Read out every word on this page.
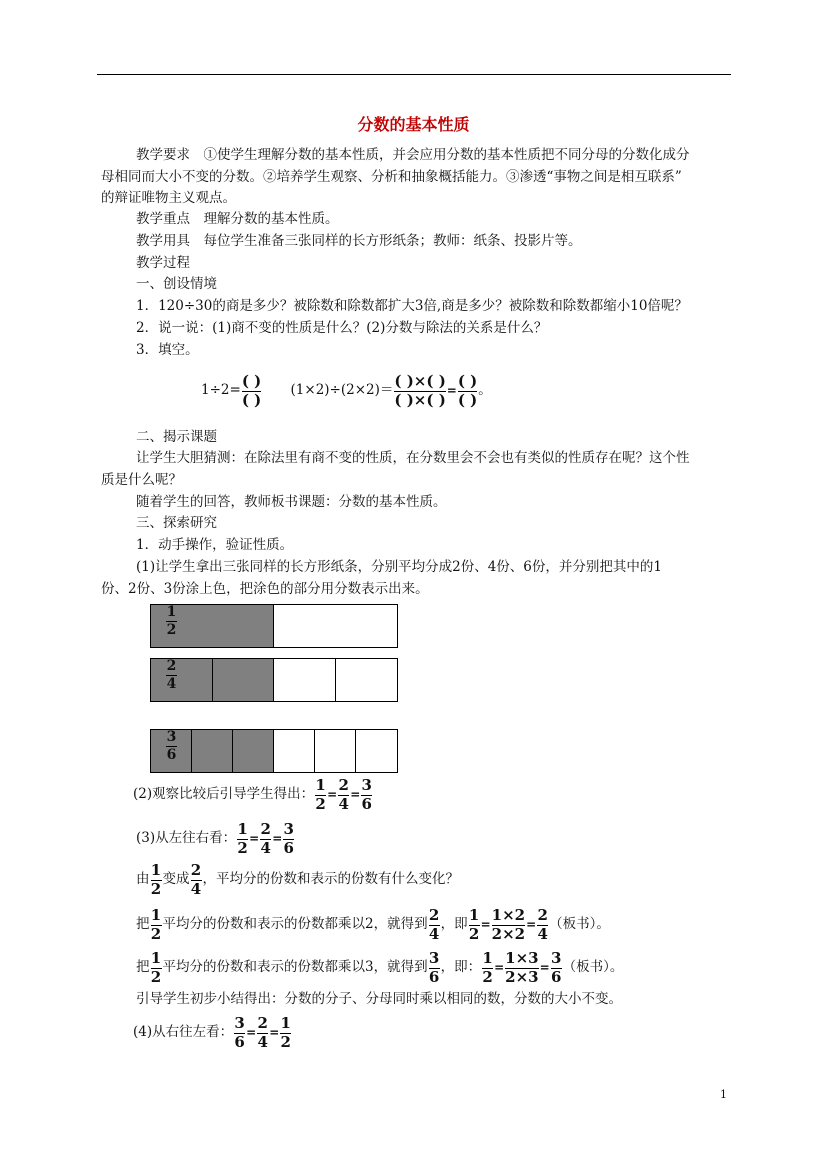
分数的基本性质
教学要求　①使学生理解分数的基本性质，并会应用分数的基本性质把不同分母的分数化成分
母相同而大小不变的分数。②培养学生观察、分析和抽象概括能力。③渗透“事物之间是相互联系”
的辩证唯物主义观点。
教学重点　理解分数的基本性质。
教学用具　每位学生准备三张同样的长方形纸条；教师：纸条、投影片等。
教学过程
一、创设情境
1．120÷30的商是多少？被除数和除数都扩大3倍,商是多少？被除数和除数都缩小10倍呢？
2．说一说：(1)商不变的性质是什么？(2)分数与除法的关系是什么？
3．填空。
$1\div 2= \frac{( )}{( )} (1\times 2)\div(2\times 2)= \frac{( )\times( )}{( )\times( )} = \frac{( )}{( )}$ 。
二、揭示课题
让学生大胆猜测：在除法里有商不变的性质，在分数里会不会也有类似的性质存在呢？这个性
质是什么呢？
随着学生的回答，教师板书课题：分数的基本性质。
三、探索研究
1．动手操作，验证性质。
(1)让学生拿出三张同样的长方形纸条，分别平均分成2份、4份、6份，并分别把其中的1
份、2份、3份涂上色，把涂色的部分用分数表示出来。
$\frac{1}{2}$
$\frac{2}{4}$
$\frac{3}{6}$
(2)观察比较后引导学生得出： $\frac{1}{2} = \frac{2}{4} = \frac{3}{6}$
(3)从左往右看： $\frac{1}{2} = \frac{2}{4} = \frac{3}{6}$
由 $\frac{1}{2}$ 变成 $\frac{2}{4}$ ，平均分的份数和表示的份数有什么变化？
把 $\frac{1}{2}$ 平均分的份数和表示的份数都乘以2，就得到 $\frac{2}{4}$ ，即 $\frac{1}{2} = \frac{1\times 2}{2\times 2} = \frac{2}{4}$ （板书）。
把 $\frac{1}{2}$ 平均分的份数和表示的份数都乘以3，就得到 $\frac{3}{6}$ ，即： $\frac{1}{2} = \frac{1\times 3}{2\times 3} = \frac{3}{6}$ （板书）。
引导学生初步小结得出：分数的分子、分母同时乘以相同的数，分数的大小不变。
(4)从右往左看： $\frac{3}{6} = \frac{2}{4} = \frac{1}{2}$
1
